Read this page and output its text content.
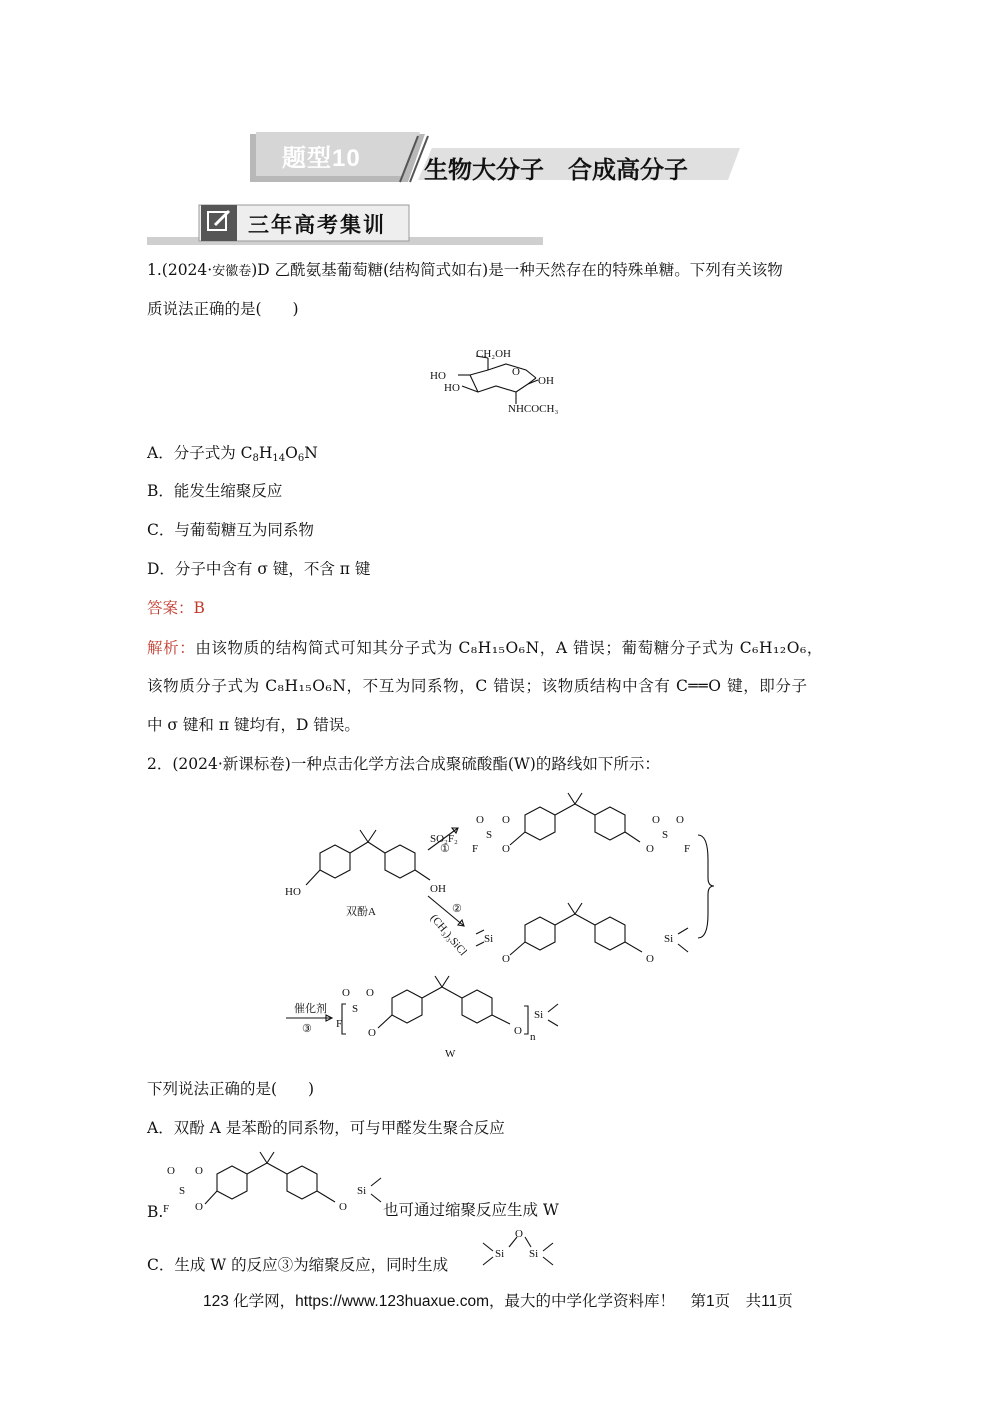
题型10	生物大分子　合成高分子
三年高考集训
1.(2024·安徽卷)D 乙酰氨基葡萄糖(结构简式如右)是一种天然存在的特殊单糖。下列有关该物
质说法正确的是(　　)
CH₂OH
HO
HO
O
OH
NHCOCH₃
A．分子式为 $C_8H_{14}O_6N$
B．能发生缩聚反应
C．与葡萄糖互为同系物
D．分子中含有 σ 键，不含 π 键
答案：B
解析：由该物质的结构简式可知其分子式为 C₈H₁₅O₆N，A 错误；葡萄糖分子式为 C₆H₁₂O₆，
该物质分子式为 C₈H₁₅O₆N，不互为同系物，C 错误；该物质结构中含有 C══O 键，即分子
中 σ 键和 π 键均有，D 错误。
2．(2024·新课标卷)一种点击化学方法合成聚硫酸酯(W)的路线如下所示：
HO	OH
双酚A
SO₂F₂
①
(CH₃)₃SiCl
②
F
S
O O
O	O
S
O O
F
Si
O	O
Si
催化剂
③ F
S
O O
O	O n
Si
W
下列说法正确的是(　　)
A．双酚 A 是苯酚的同系物，可与甲醛发生聚合反应
B. F
S
O O
O	O
Si
也可通过缩聚反应生成 W
C．生成 W 的反应③为缩聚反应，同时生成
Si
O
Si
123 化学网，https://www.123huaxue.com，最大的中学化学资料库！　第1页　共11页
